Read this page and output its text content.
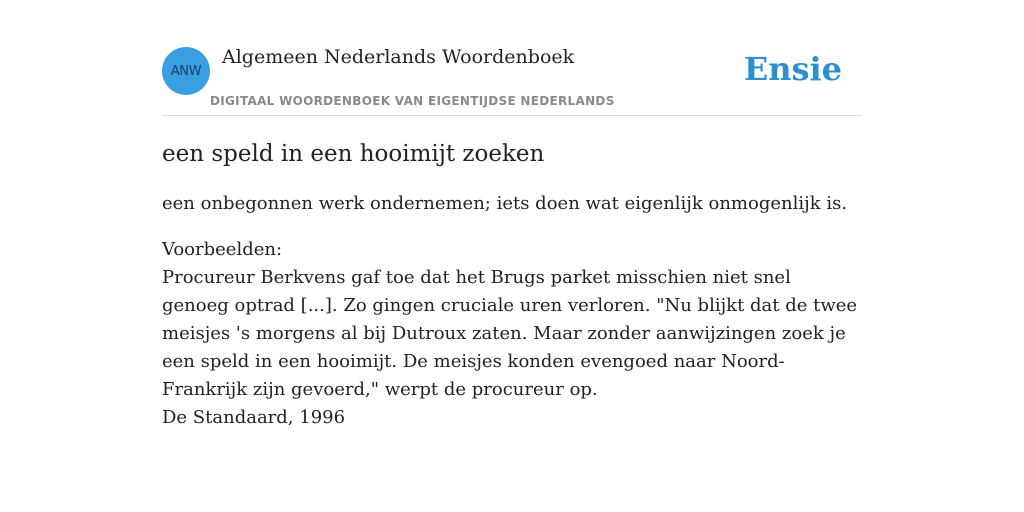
ANW
Algemeen Nederlands Woordenboek
DIGITAAL WOORDENBOEK VAN EIGENTIJDSE NEDERLANDS
Ensie
een speld in een hooimijt zoeken

een onbegonnen werk ondernemen; iets doen wat eigenlijk onmogenlijk is.

Voorbeelden:
Procureur Berkvens gaf toe dat het Brugs parket misschien niet snel genoeg optrad [...]. Zo gingen cruciale uren verloren. "Nu blijkt dat de twee meisjes 's morgens al bij Dutroux zaten. Maar zonder aanwijzingen zoek je een speld in een hooimijt. De meisjes konden evengoed naar Noord-Frankrijk zijn gevoerd," werpt de procureur op.
De Standaard, 1996
